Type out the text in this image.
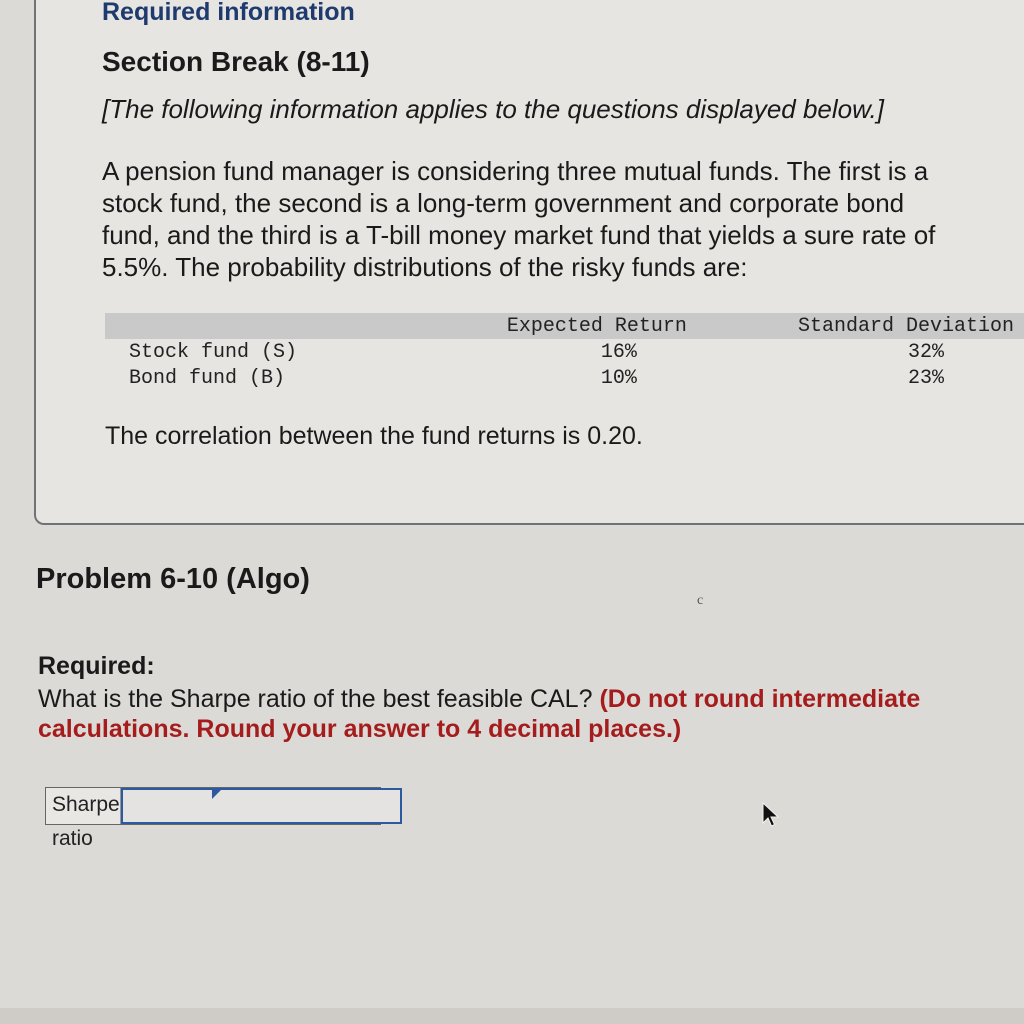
Required information
Section Break (8-11)

[The following information applies to the questions displayed below.]

A pension fund manager is considering three mutual funds. The first is a stock fund, the second is a long-term government and corporate bond fund, and the third is a T-bill money market fund that yields a sure rate of 5.5%. The probability distributions of the risky funds are:

	Expected Return	Standard Deviation
Stock fund (S)	16%	32%
Bond fund (B)	10%	23%

The correlation between the fund returns is 0.20.

Problem 6-10 (Algo)
c

Required:

What is the Sharpe ratio of the best feasible CAL? (Do not round intermediate calculations. Round your answer to 4 decimal places.)

Sharpe ratio
